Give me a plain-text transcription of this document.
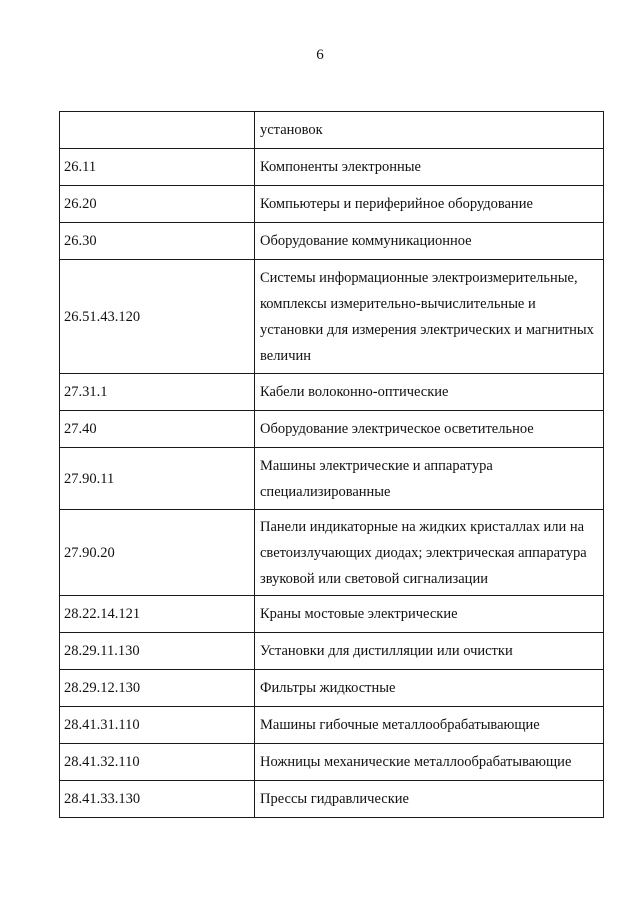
6
	установок
26.11	Компоненты электронные
26.20	Компьютеры и периферийное оборудование
26.30	Оборудование коммуникационное
26.51.43.120	Системы информационные электроизмерительные, комплексы измерительно-вычислительные и установки для измерения электрических и магнитных величин
27.31.1	Кабели волоконно-оптические
27.40	Оборудование электрическое осветительное
27.90.11	Машины электрические и аппаратура специализированные
27.90.20	Панели индикаторные на жидких кристаллах или на светоизлучающих диодах; электрическая аппаратура звуковой или световой сигнализации
28.22.14.121	Краны мостовые электрические
28.29.11.130	Установки для дистилляции или очистки
28.29.12.130	Фильтры жидкостные
28.41.31.110	Машины гибочные металлообрабатывающие
28.41.32.110	Ножницы механические металлообрабатывающие
28.41.33.130	Прессы гидравлические
